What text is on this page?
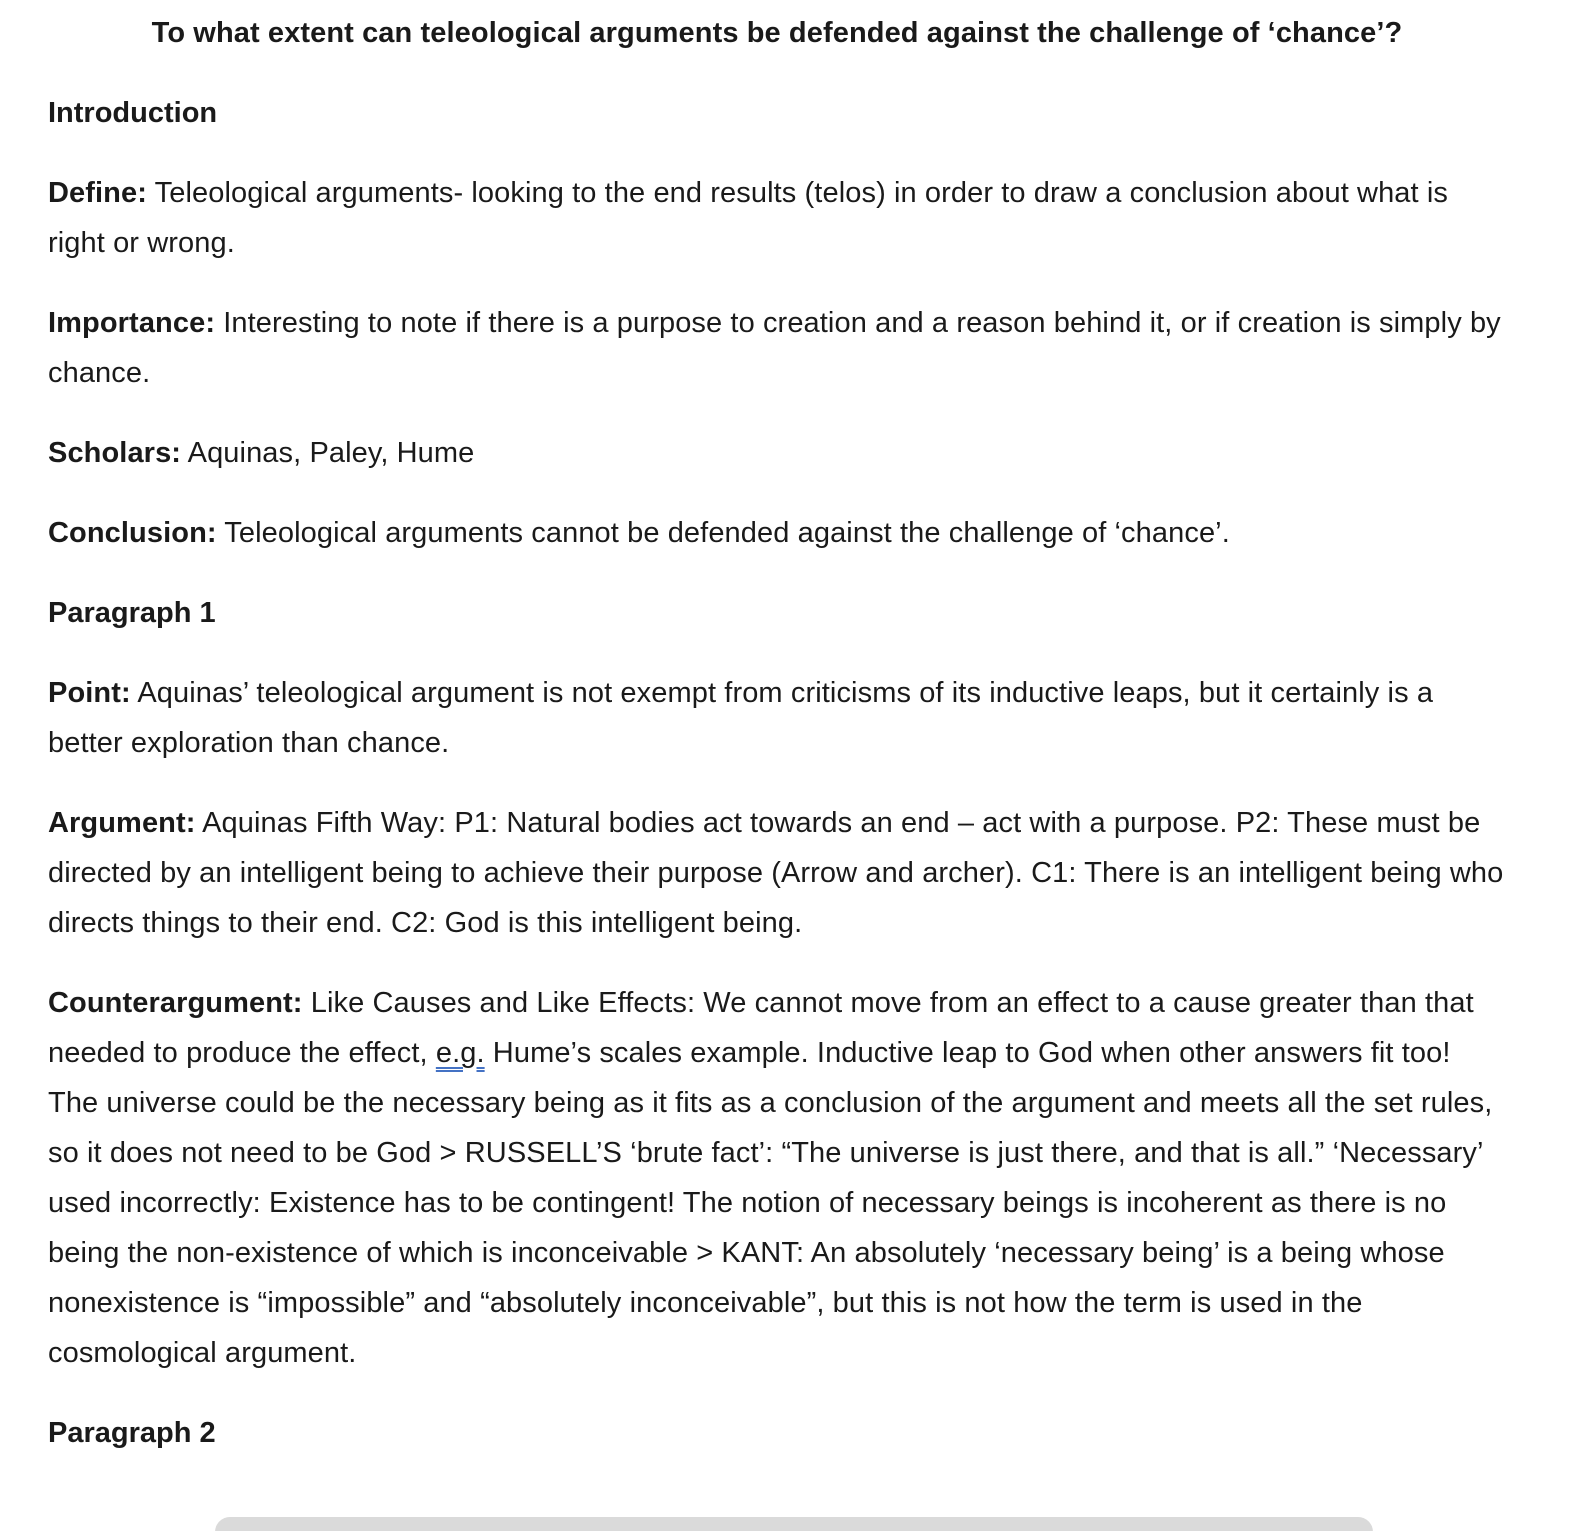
To what extent can teleological arguments be defended against the challenge of ‘chance’?
Introduction

Define: Teleological arguments- looking to the end results (telos) in order to draw a conclusion about what is right or wrong.

Importance: Interesting to note if there is a purpose to creation and a reason behind it, or if creation is simply by chance.

Scholars: Aquinas, Paley, Hume

Conclusion: Teleological arguments cannot be defended against the challenge of ‘chance’.

Paragraph 1

Point: Aquinas’ teleological argument is not exempt from criticisms of its inductive leaps, but it certainly is a better exploration than chance.

Argument: Aquinas Fifth Way: P1: Natural bodies act towards an end – act with a purpose. P2: These must be directed by an intelligent being to achieve their purpose (Arrow and archer). C1: There is an intelligent being who directs things to their end. C2: God is this intelligent being.

Counterargument: Like Causes and Like Effects: We cannot move from an effect to a cause greater than that needed to produce the effect, e.g. Hume’s scales example. Inductive leap to God when other answers fit too! The universe could be the necessary being as it fits as a conclusion of the argument and meets all the set rules, so it does not need to be God > RUSSELL’S ‘brute fact’: “The universe is just there, and that is all.” ‘Necessary’ used incorrectly: Existence has to be contingent! The notion of necessary beings is incoherent as there is no being the non-existence of which is inconceivable > KANT: An absolutely ‘necessary being’ is a being whose nonexistence is “impossible” and “absolutely inconceivable”, but this is not how the term is used in the cosmological argument.

Paragraph 2
